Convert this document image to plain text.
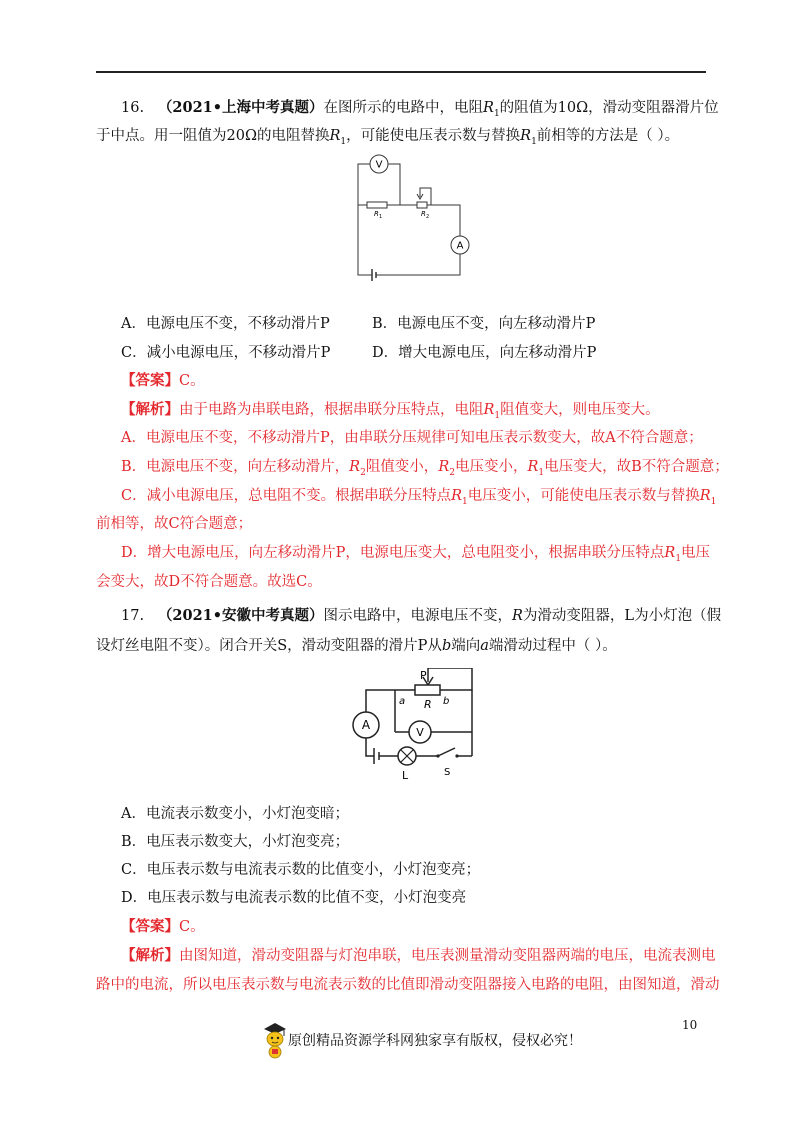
16. （2021•上海中考真题）在图所示的电路中，电阻$R_1$的阻值为10Ω，滑动变阻器滑片位
于中点。用一阻值为20Ω的电阻替换$R_1$，可能使电压表示数与替换$R_1$前相等的方法是（ ）。
V
A
R 1	R 2
A．电源电压不变，不移动滑片P	B．电源电压不变，向左移动滑片P
C．减小电源电压，不移动滑片P	D．增大电源电压，向左移动滑片P
【答案】C。
【解析】由于电路为串联电路，根据串联分压特点，电阻$R_1$阻值变大，则电压变大。
A．电源电压不变，不移动滑片P，由串联分压规律可知电压表示数变大，故A不符合题意；
B．电源电压不变，向左移动滑片，$R_2$阻值变小，$R_2$电压变小，$R_1$电压变大，故B不符合题意；
C．减小电源电压，总电阻不变。根据串联分压特点$R_1$电压变小，可能使电压表示数与替换$R_1$
前相等，故C符合题意；
D．增大电源电压，向左移动滑片P，电源电压变大，总电阻变小，根据串联分压特点$R_1$电压
会变大，故D不符合题意。故选C。
17. （2021•安徽中考真题）图示电路中，电源电压不变，R为滑动变阻器，L为小灯泡（假
设灯丝电阻不变）。闭合开关S，滑动变阻器的滑片P从b端向a端滑动过程中（ ）。
P
a	b
R
A
V
L	S
A．电流表示数变小，小灯泡变暗；
B．电压表示数变大，小灯泡变亮；
C．电压表示数与电流表示数的比值变小，小灯泡变亮；
D．电压表示数与电流表示数的比值不变，小灯泡变亮
【答案】C。
【解析】由图知道，滑动变阻器与灯泡串联，电压表测量滑动变阻器两端的电压，电流表测电
路中的电流，所以电压表示数与电流表示数的比值即滑动变阻器接入电路的电阻，由图知道，滑动
10
原创精品资源学科网独家享有版权，侵权必究！
